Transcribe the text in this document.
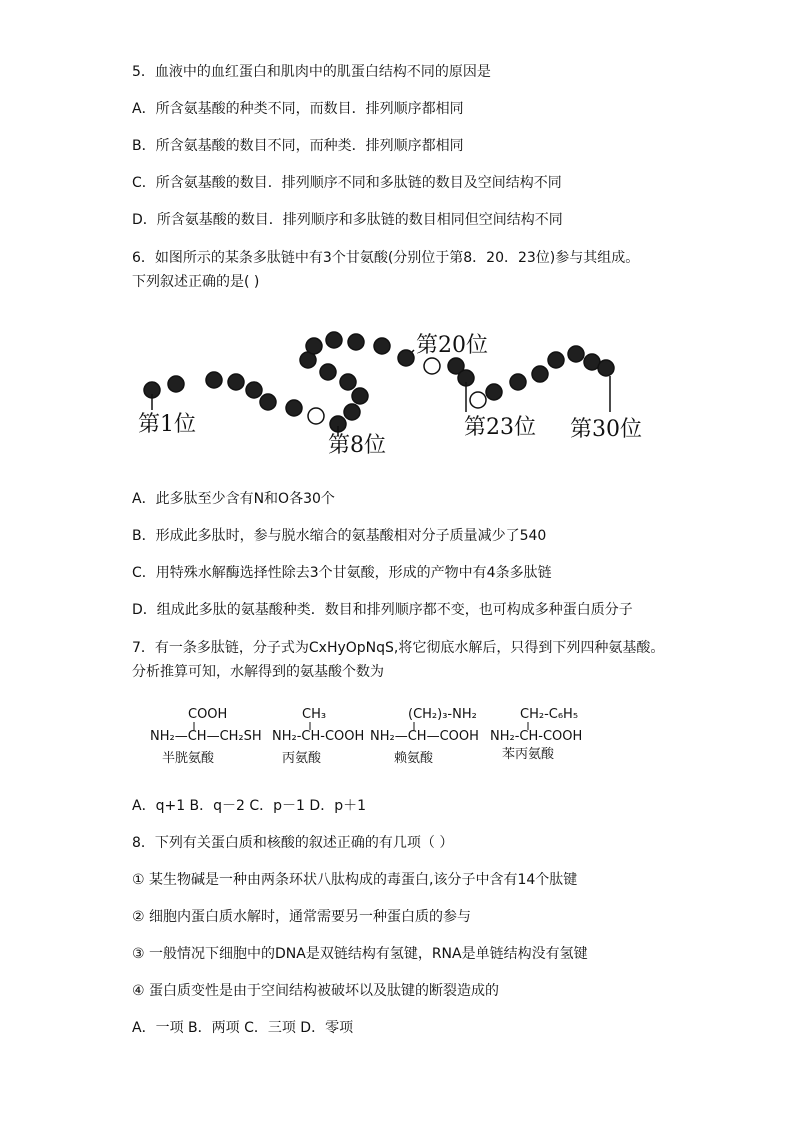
5．血液中的血红蛋白和肌肉中的肌蛋白结构不同的原因是
A．所含氨基酸的种类不同，而数目．排列顺序都相同
B．所含氨基酸的数目不同，而种类．排列顺序都相同
C．所含氨基酸的数目．排列顺序不同和多肽链的数目及空间结构不同
D．所含氨基酸的数目．排列顺序和多肽链的数目相同但空间结构不同
6．如图所示的某条多肽链中有3个甘氨酸(分别位于第8．20．23位)参与其组成。
下列叙述正确的是( )
第1位
第8位
第20位
第23位 第30位
A．此多肽至少含有N和O各30个
B．形成此多肽时，参与脱水缩合的氨基酸相对分子质量减少了540
C．用特殊水解酶选择性除去3个甘氨酸，形成的产物中有4条多肽链
D．组成此多肽的氨基酸种类．数目和排列顺序都不变，也可构成多种蛋白质分子
7．有一条多肽链，分子式为CxHyOpNqS,将它彻底水解后，只得到下列四种氨基酸。
分析推算可知，水解得到的氨基酸个数为
COOH
NH₂—CH—CH₂SH
半胱氨酸
CH₃
NH₂-CH-COOH
丙氨酸
(CH₂)₃-NH₂
NH₂—CH—COOH
赖氨酸
CH₂-C₆H₅
NH₂-CH-COOH
苯丙氨酸
A．q+1 B．q－2 C．p－1 D．p＋1
8．下列有关蛋白质和核酸的叙述正确的有几项（ ）
① 某生物碱是一种由两条环状八肽构成的毒蛋白,该分子中含有14个肽键
② 细胞内蛋白质水解时，通常需要另一种蛋白质的参与
③ 一般情况下细胞中的DNA是双链结构有氢键，RNA是单链结构没有氢键
④ 蛋白质变性是由于空间结构被破坏以及肽键的断裂造成的
A．一项 B．两项 C．三项 D．零项
